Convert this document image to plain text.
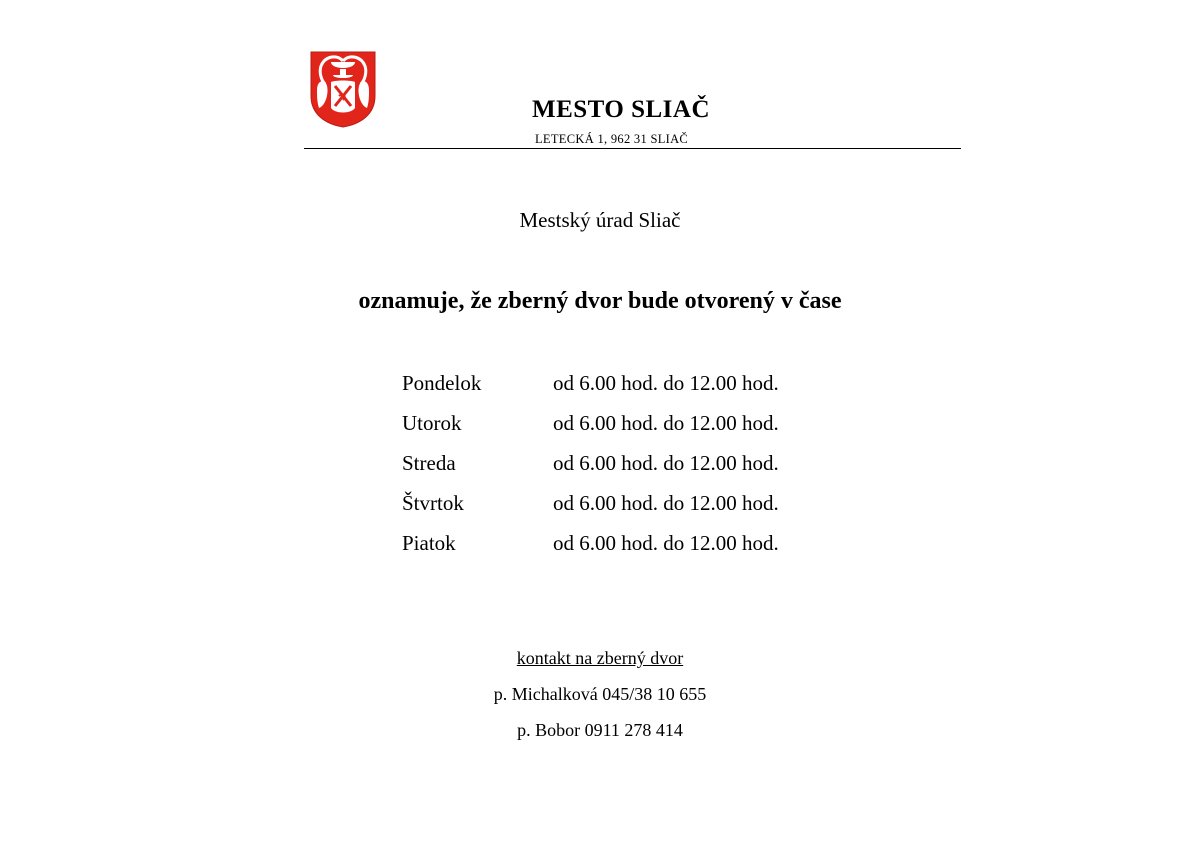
MESTO SLIAČ
LETECKÁ 1, 962 31 SLIAČ
Mestský úrad Sliač
oznamuje, že zberný dvor bude otvorený v čase
Pondelok	od 6.00 hod. do 12.00 hod.
Utorok	od 6.00 hod. do 12.00 hod.
Streda	od 6.00 hod. do 12.00 hod.
Štvrtok	od 6.00 hod. do 12.00 hod.
Piatok	od 6.00 hod. do 12.00 hod.
kontakt na zberný dvor
p. Michalková 045/38 10 655
p. Bobor 0911 278 414
